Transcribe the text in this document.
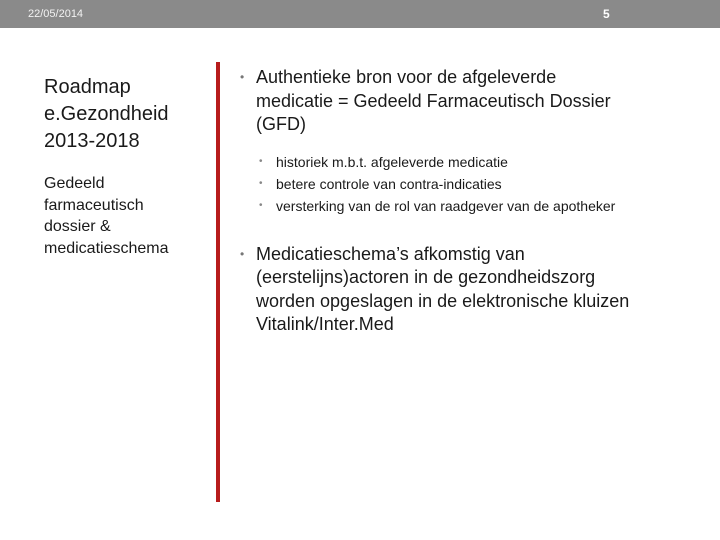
22/05/2014	5
Roadmap
e.Gezondheid
2013-2018
Gedeeld
farmaceutisch
dossier &
medicatieschema
• Authentieke bron voor de afgeleverde
medicatie = Gedeeld Farmaceutisch Dossier
(GFD)
• historiek m.b.t. afgeleverde medicatie
• betere controle van contra-indicaties
• versterking van de rol van raadgever van de apotheker
• Medicatieschema’s afkomstig van
(eerstelijns)actoren in de gezondheidszorg
worden opgeslagen in de elektronische kluizen
Vitalink/Inter.Med
